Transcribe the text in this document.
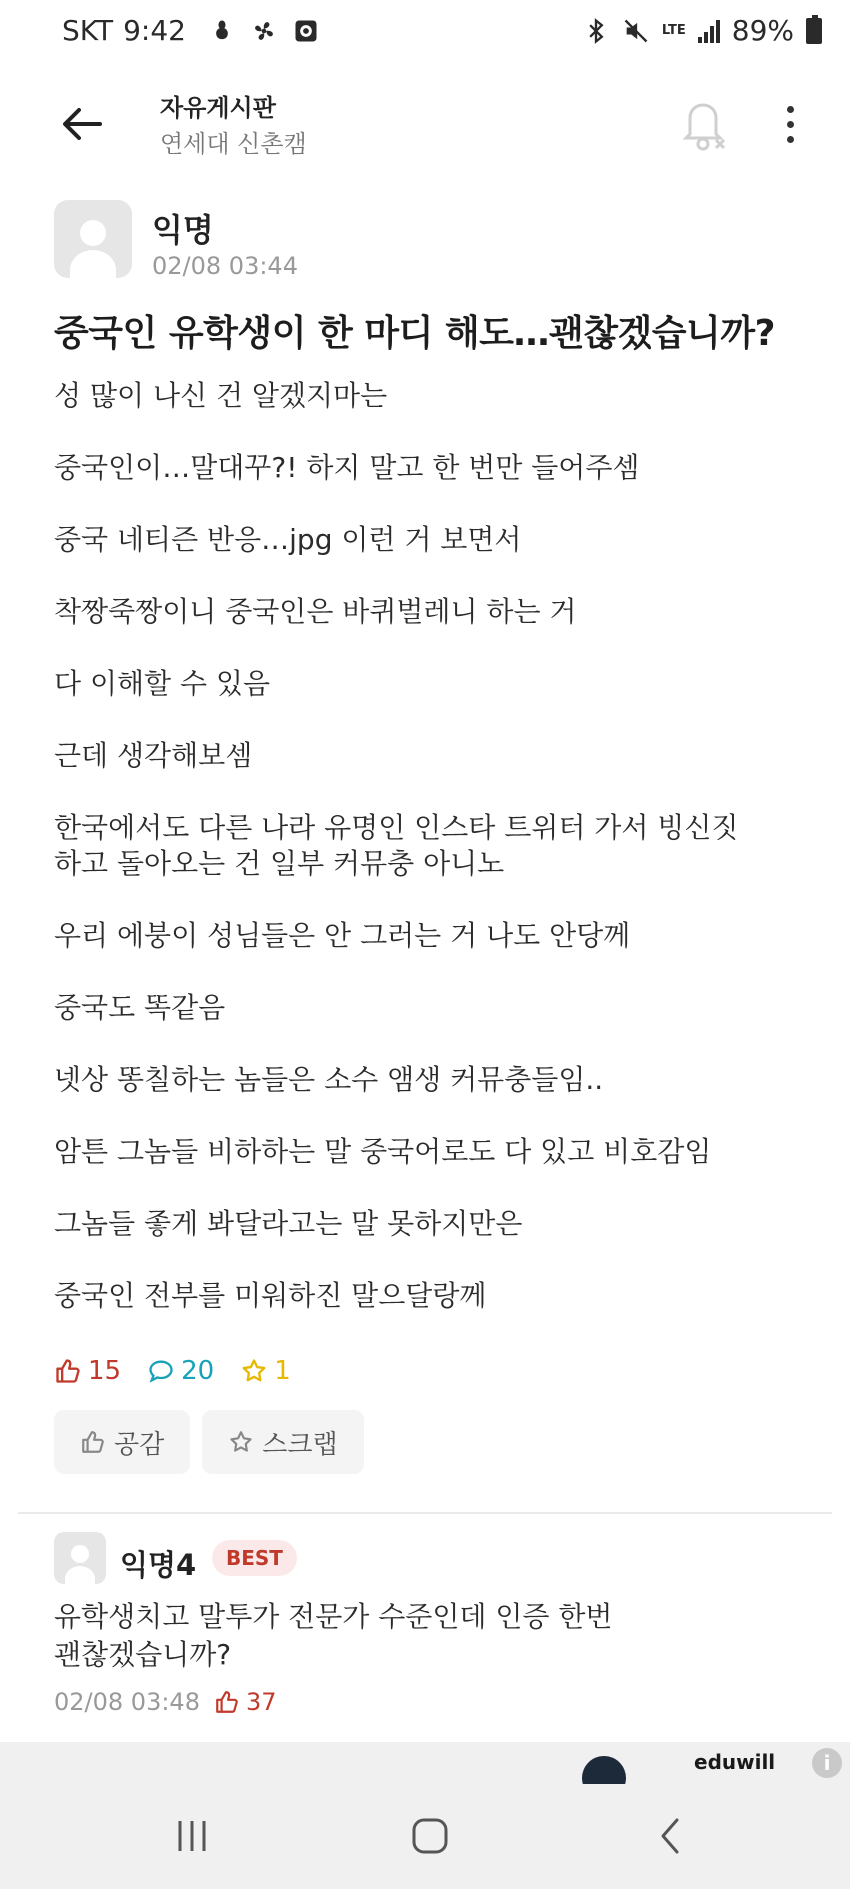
SKT 9:42	LTE 89%
자유게시판
연세대 신촌캠
익명
02/08 03:44
중국인 유학생이 한 마디 해도…괜찮겠습니까?
성 많이 나신 건 알겠지마는
중국인이…말대꾸?! 하지 말고 한 번만 들어주셈
중국 네티즌 반응…jpg 이런 거 보면서
착짱죽짱이니 중국인은 바퀴벌레니 하는 거
다 이해할 수 있음
근데 생각해보셈
한국에서도 다른 나라 유명인 인스타 트위터 가서 빙신짓
하고 돌아오는 건 일부 커뮤충 아니노
우리 에붕이 성님들은 안 그러는 거 나도 안당께
중국도 똑같음
넷상 똥칠하는 놈들은 소수 앰생 커뮤충들임..
암튼 그놈들 비하하는 말 중국어로도 다 있고 비호감임
그놈들 좋게 봐달라고는 말 못하지만은
중국인 전부를 미워하진 말으달랑께
15 20 1
공감	스크랩
익명4	BEST
유학생치고 말투가 전문가 수준인데 인증 한번
괜찮겠습니까?
02/08 03:48 37
eduwill	i
